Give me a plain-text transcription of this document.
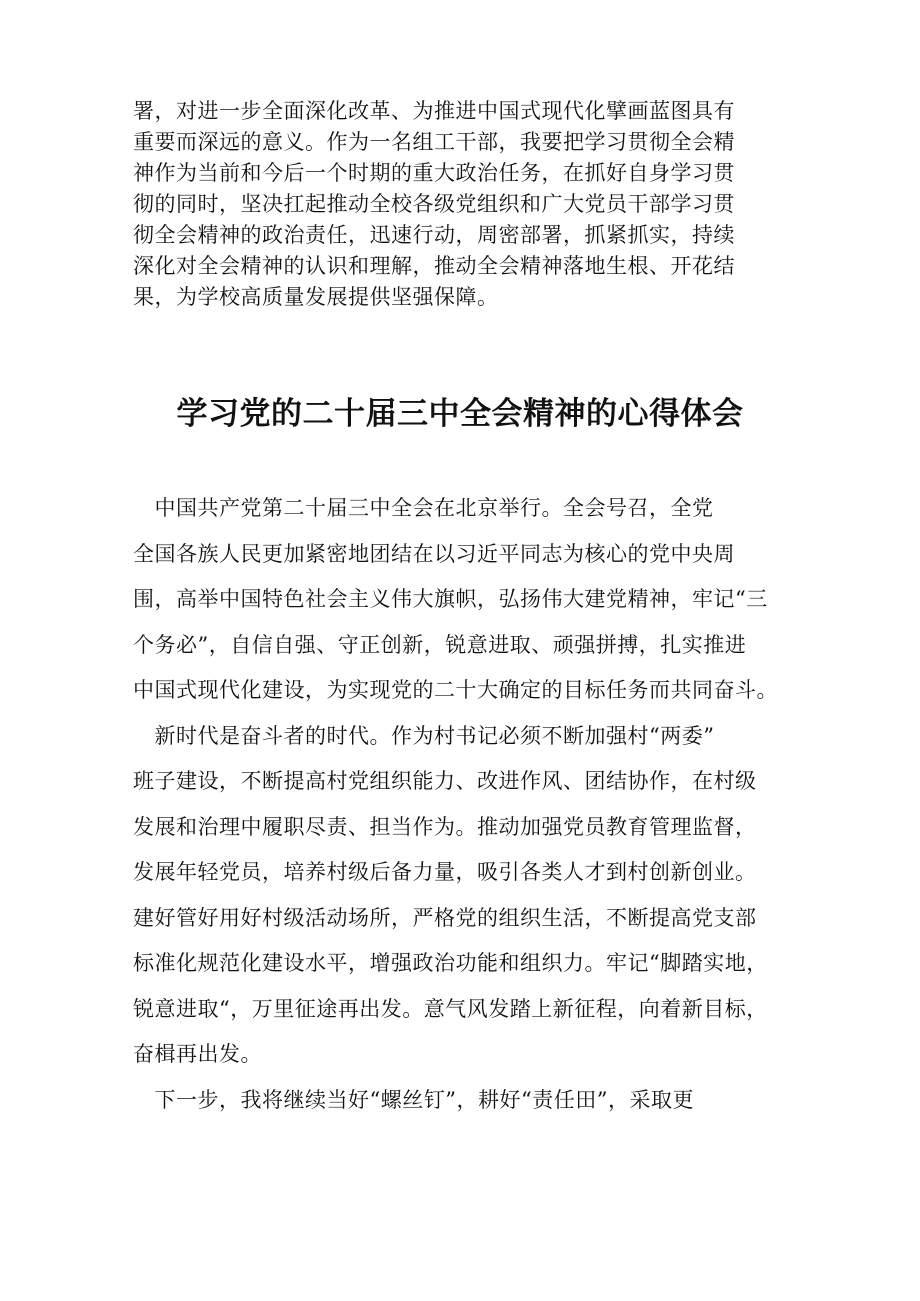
署，对进一步全面深化改革、为推进中国式现代化擘画蓝图具有
重要而深远的意义。作为一名组工干部，我要把学习贯彻全会精
神作为当前和今后一个时期的重大政治任务，在抓好自身学习贯
彻的同时，坚决扛起推动全校各级党组织和广大党员干部学习贯
彻全会精神的政治责任，迅速行动，周密部署，抓紧抓实，持续
深化对全会精神的认识和理解，推动全会精神落地生根、开花结
果，为学校高质量发展提供坚强保障。
学习党的二十届三中全会精神的心得体会
　中国共产党第二十届三中全会在北京举行。全会号召，全党
全国各族人民更加紧密地团结在以习近平同志为核心的党中央周
围，高举中国特色社会主义伟大旗帜，弘扬伟大建党精神，牢记“三
个务必”，自信自强、守正创新，锐意进取、顽强拼搏，扎实推进
中国式现代化建设，为实现党的二十大确定的目标任务而共同奋斗。
　新时代是奋斗者的时代。作为村书记必须不断加强村“两委”
班子建设，不断提高村党组织能力、改进作风、团结协作，在村级
发展和治理中履职尽责、担当作为。推动加强党员教育管理监督，
发展年轻党员，培养村级后备力量，吸引各类人才到村创新创业。
建好管好用好村级活动场所，严格党的组织生活，不断提高党支部
标准化规范化建设水平，增强政治功能和组织力。牢记“脚踏实地，
锐意进取“，万里征途再出发。意气风发踏上新征程，向着新目标，
奋楫再出发。
　下一步，我将继续当好“螺丝钉”，耕好“责任田”，采取更
